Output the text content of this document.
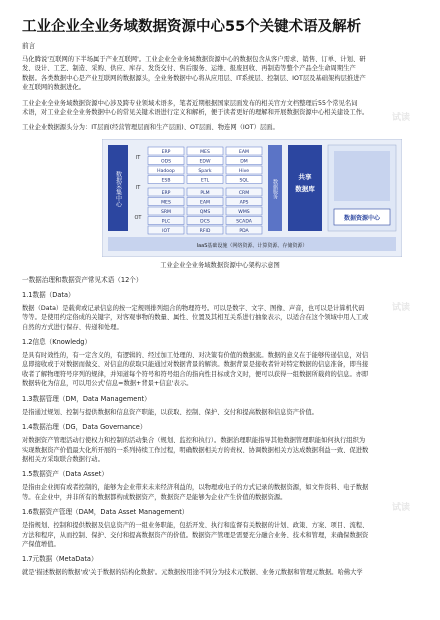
试读
试读
试读
工业企业全业务域数据资源中心55个关键术语及解析

前言

马化腾说'互联网的下半场属于产业互联网'。工业企业全业务域数据资源中心的数据包含从客户需求、销售、订单、计划、研

发、设计、工艺、制造、采购、供应、库存、发货交付、售后服务、运维、报废回收、再制造等整个产品全生命周期生产

数据。各类数据中心是产业互联网的数据源头，全业务数据中心将从应用层、IT系统层、控制层、IOT层及基础架构层推进产

业互联网的数据进化。

工业企业全业务域数据资源中心涉及跨专业领域术语多，笔者近期根据国家层面发布的相关官方文档整理后55个常见名词

术语，对工业企业全业务数据中心的常见关键术语进行定义和解析，便于读者更好的理解和开展数据资源中心相关建设工作。

工业企业数据源头分为：IT层面(经营管理层面和生产层面)、OT层面、物连网（IOT）层面。

数据采集中心
IT
IT
OT
ERP	MES	EAM
ODS	EDW	DM
Hadoop	Spark	Hive
ESB	ETL	SQL
ERP	PLM	CRM
MES	EAM	APS
SRM	QMS	WMS
PLC	DCS	SCADA
IOT	RFID	PDA
数据服务
共享
数据库
数据资源中心
IaaS基础设施（网络资源、计算资源、存储资源）

工业企业全业务域数据资源中心架构示意图

一数据治理和数据资产常见术语（12个）

1.1数据（Data）

数据（Data）是载荷或记录信息的按一定规则排列组合的物理符号。可以是数字、文字、图像、声音，也可以是计算机代码

等等。是使用约定俗成的关键字，对客观事物的数量、属性、位置及其相互关系进行抽象表示，以适合在这个领域中用人工或

自然的方式进行保存、传递和处理。

1.2信息（Knowledg）

是具有时效性的，有一定含义的，有逻辑的、经过加工处理的、对决策有价值的数据流。数据的意义在于能够传递信息，对信

息即接收或于对数据而做交、对信息的获取只能通过对数据背景的解读。数据背景是接收者针对特定数据的信息准备，即当接

收者了解物理符号序列的规律，并知道每个符号和符号组合的指向性目标或含义时，便可以获得一组数据所载荷的信息。亦即

数据转化为信息，可以用公式'信息=数据+背景+信息'表示。

1.3数据管理（DM，Data Management）

是指通过规划、控制与提供数据和信息资产职能，以获取、控制、保护、交付和提高数据和信息资产价值。

1.4数据治理（DG，Data Governance）

对数据资产管理活动行使权力和控制的活动集合（规划、监控和执行）。数据治理职能指导其他数据管理职能如何执行组织为

实现数据资产价值最大化所开展的一系列持续工作过程，明确数据相关方的责权、协调数据相关方达成数据利益一致、促进数

据相关方采取联合数据行动。

1.5数据资产（Data Asset）

是指由企业拥有或者控制的，能够为企业带来未来经济利益的，以物理或电子的方式记录的数据资源，如文件资料、电子数据

等。在企业中，并非所有的数据都构成数据资产，数据资产是能够为企业产生价值的数据资源。

1.6数据资产管理（DAM，Data Asset Management）

是指规划、控制和提供数据及信息资产的一组业务职能，包括开发、执行和监督有关数据的计划、政策、方案、项目、流程、

方法和程序，从而控制、保护、交付和提高数据资产的价值。数据资产管理是需要充分融合业务、技术和管理，来确保数据资

产保值增值。

1.7元数据（MetaData）

就是'描述数据的数据'或'关于数据的结构化数据'。元数据按用途不同分为技术元数据、业务元数据和管理元数据。哈佛大学
